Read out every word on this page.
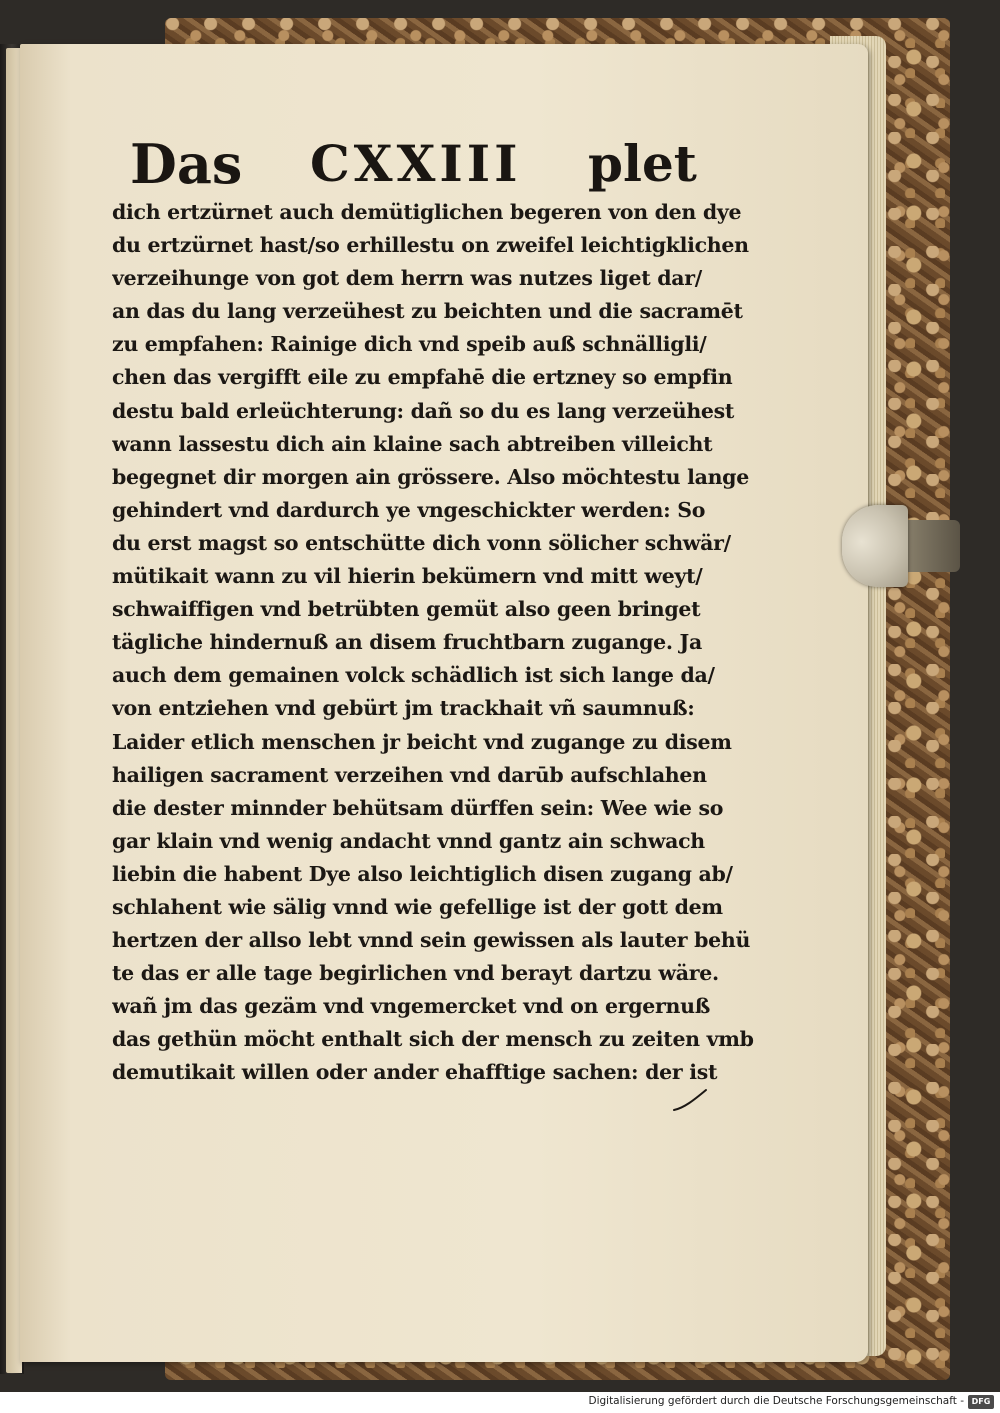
Das CXXIII plet
dich ertzürnet auch demütiglichen begeren von den dye
du ertzürnet hast/so erhillestu on zweifel leichtigklichen
verzeihunge von got dem herrn was nutzes liget dar/
an das du lang verzeühest zu beichten und die sacramēt
zu empfahen: Rainige dich vnd speib auß schnälligli/
chen das vergifft eile zu empfahē die ertzney so empfin
destu bald erleüchterung: dañ so du es lang verzeühest
wann lassestu dich ain klaine sach abtreiben villeicht
begegnet dir morgen ain grössere. Also möchtestu lange
gehindert vnd dardurch ye vngeschickter werden: So
du erst magst so entschütte dich vonn sölicher schwär/
mütikait wann zu vil hierin bekümern vnd mitt weyt/
schwaiffigen vnd betrübten gemüt also geen bringet
tägliche hindernuß an disem fruchtbarn zugange. Ja
auch dem gemainen volck schädlich ist sich lange da/
von entziehen vnd gebürt jm trackhait vñ saumnuß:
Laider etlich menschen jr beicht vnd zugange zu disem
hailigen sacrament verzeihen vnd darūb aufschlahen
die dester minnder behütsam dürffen sein: Wee wie so
gar klain vnd wenig andacht vnnd gantz ain schwach
liebin die habent Dye also leichtiglich disen zugang ab/
schlahent wie sälig vnnd wie gefellige ist der gott dem
hertzen der allso lebt vnnd sein gewissen als lauter behü
te das er alle tage begirlichen vnd berayt dartzu wäre.
wañ jm das gezäm vnd vngemercket vnd on ergernuß
das gethün möcht enthalt sich der mensch zu zeiten vmb
demutikait willen oder ander ehafftige sachen: der ist
Digitalisierung gefördert durch die Deutsche Forschungsgemeinschaft - DFG
